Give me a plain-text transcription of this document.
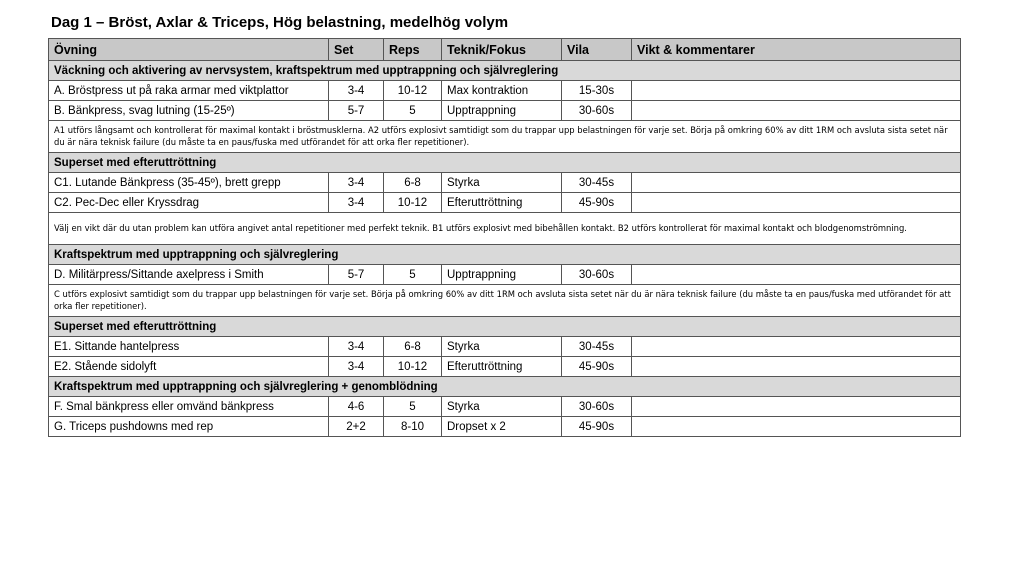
Dag 1 – Bröst, Axlar & Triceps, Hög belastning, medelhög volym
Övning	Set	Reps	Teknik/Fokus	Vila	Vikt & kommentarer
Väckning och aktivering av nervsystem, kraftspektrum med upptrappning och självreglering					
A. Bröstpress ut på raka armar med viktplattor	3-4	10-12	Max kontraktion	15-30s	
B. Bänkpress, svag lutning (15-25º)	5-7	5	Upptrappning	30-60s	
A1 utförs långsamt och kontrollerat för maximal kontakt i bröstmusklerna. A2 utförs explosivt samtidigt som du trappar upp belastningen för varje set. Börja på omkring 60% av ditt 1RM och avsluta sista setet när du är nära teknisk failure (du måste ta en paus/fuska med utförandet för att orka fler repetitioner).					
Superset med efteruttröttning					
C1. Lutande Bänkpress (35-45º), brett grepp	3-4	6-8	Styrka	30-45s	
C2. Pec-Dec eller Kryssdrag	3-4	10-12	Efteruttröttning	45-90s	
Välj en vikt där du utan problem kan utföra angivet antal repetitioner med perfekt teknik. B1 utförs explosivt med bibehållen kontakt. B2 utförs kontrollerat för maximal kontakt och blodgenomströmning.					
Kraftspektrum med upptrappning och självreglering					
D. Militärpress/Sittande axelpress i Smith	5-7	5	Upptrappning	30-60s	
C utförs explosivt samtidigt som du trappar upp belastningen för varje set. Börja på omkring 60% av ditt 1RM och avsluta sista setet när du är nära teknisk failure (du måste ta en paus/fuska med utförandet för att orka fler repetitioner).					
Superset med efteruttröttning					
E1. Sittande hantelpress	3-4	6-8	Styrka	30-45s	
E2. Stående sidolyft	3-4	10-12	Efteruttröttning	45-90s	
Kraftspektrum med upptrappning och självreglering + genomblödning					
F. Smal bänkpress eller omvänd bänkpress	4-6	5	Styrka	30-60s	
G. Triceps pushdowns med rep	2+2	8-10	Dropset x 2	45-90s	
